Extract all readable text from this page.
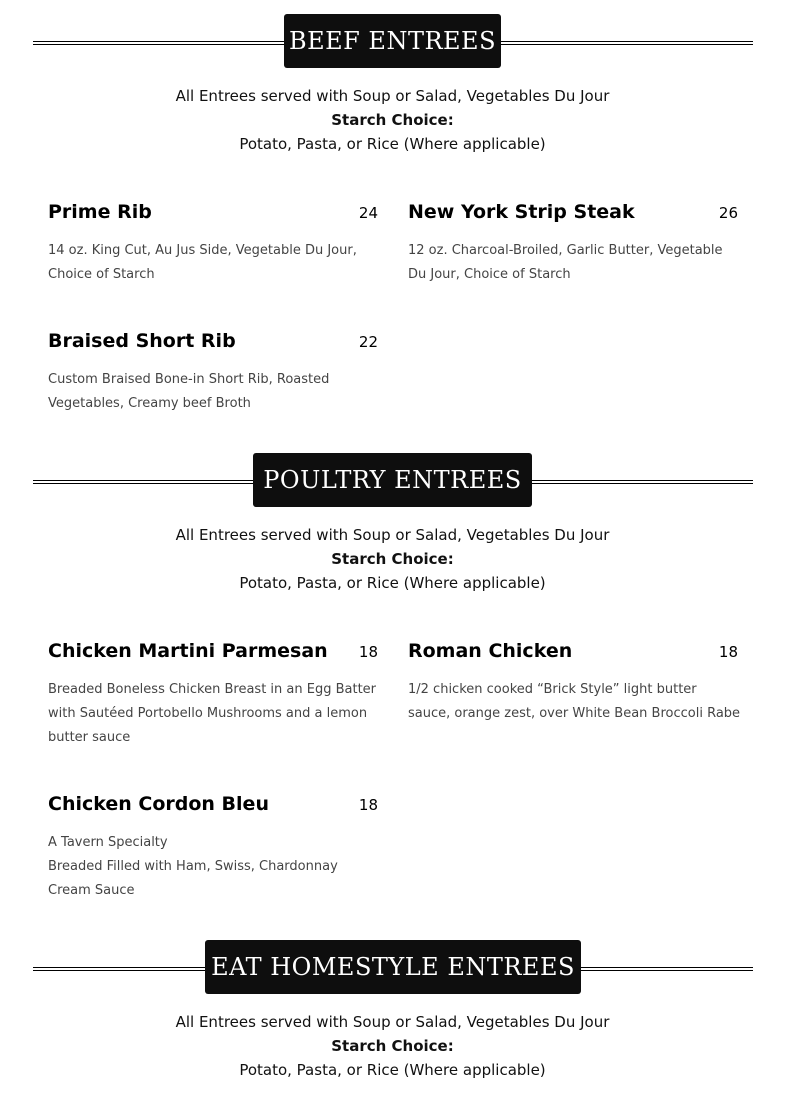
BEEF ENTREES
All Entrees served with Soup or Salad, Vegetables Du Jour
Starch Choice:
Potato, Pasta, or Rice (Where applicable)
Prime Rib	24
14 oz. King Cut, Au Jus Side, Vegetable Du Jour, Choice of Starch
New York Strip Steak	26
12 oz. Charcoal-Broiled, Garlic Butter, Vegetable Du Jour, Choice of Starch
Braised Short Rib	22
Custom Braised Bone-in Short Rib, Roasted Vegetables, Creamy beef Broth
POULTRY ENTREES
All Entrees served with Soup or Salad, Vegetables Du Jour
Starch Choice:
Potato, Pasta, or Rice (Where applicable)
Chicken Martini Parmesan 18
Breaded Boneless Chicken Breast in an Egg Batter with Sautéed Portobello Mushrooms and a lemon butter sauce
Roman Chicken	18
1/2 chicken cooked “Brick Style” light butter sauce, orange zest, over White Bean Broccoli Rabe
Chicken Cordon Bleu	18
A Tavern Specialty
Breaded Filled with Ham, Swiss, Chardonnay Cream Sauce
EAT HOMESTYLE ENTREES
All Entrees served with Soup or Salad, Vegetables Du Jour
Starch Choice:
Potato, Pasta, or Rice (Where applicable)
